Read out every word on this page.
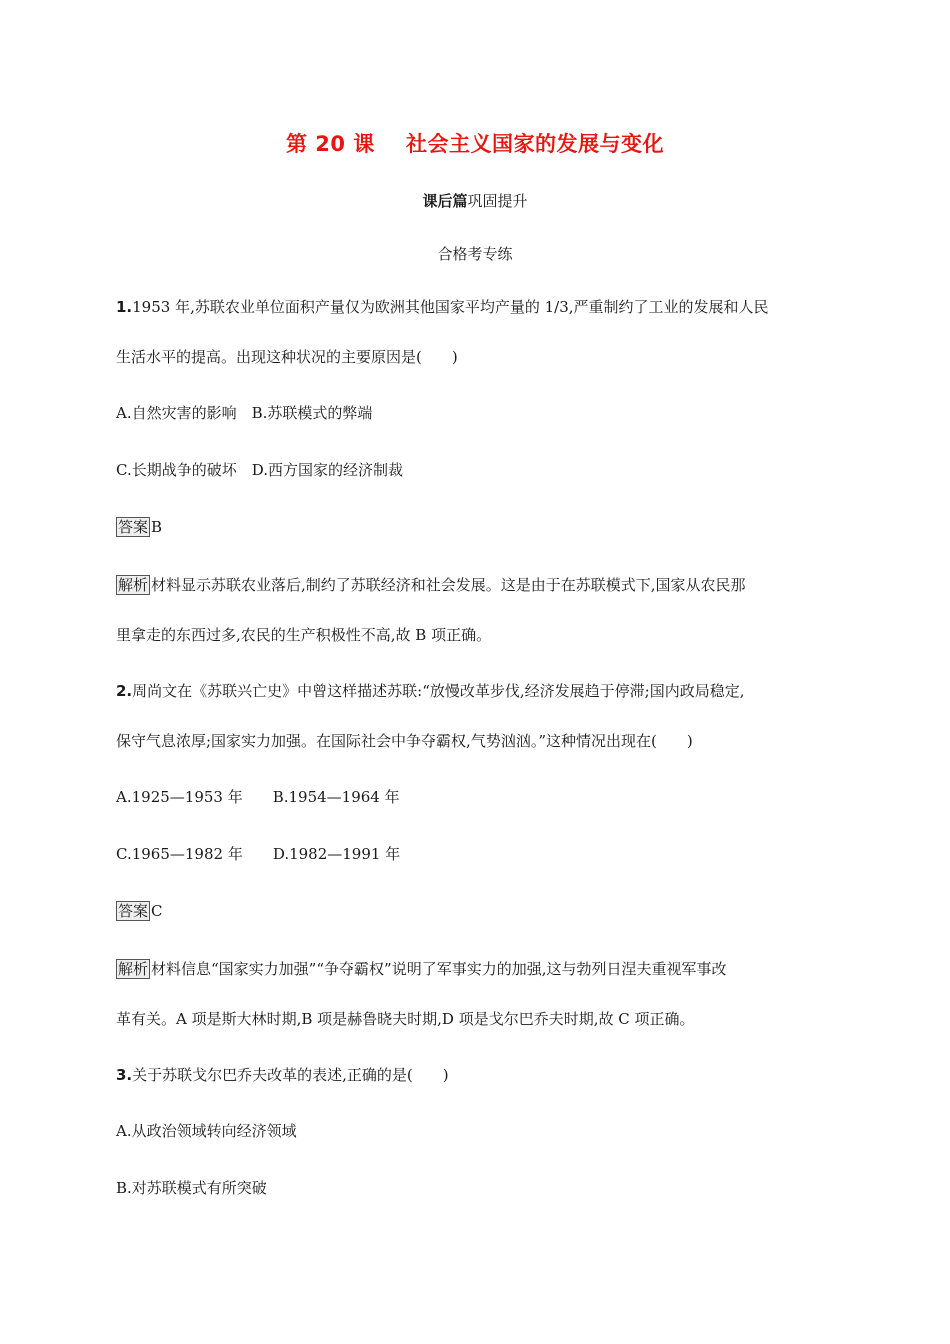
第 20 课    社会主义国家的发展与变化
课后篇巩固提升
合格考专练
1.1953 年,苏联农业单位面积产量仅为欧洲其他国家平均产量的 1/3,严重制约了工业的发展和人民
生活水平的提高。出现这种状况的主要原因是(　　)
A.自然灾害的影响　B.苏联模式的弊端
C.长期战争的破坏　D.西方国家的经济制裁
答案 B
解析 材料显示苏联农业落后,制约了苏联经济和社会发展。这是由于在苏联模式下,国家从农民那
里拿走的东西过多,农民的生产积极性不高,故 B 项正确。
2.周尚文在《苏联兴亡史》中曾这样描述苏联:“放慢改革步伐,经济发展趋于停滞;国内政局稳定,
保守气息浓厚;国家实力加强。在国际社会中争夺霸权,气势汹汹。”这种情况出现在(　　)
A.1925—1953 年　　B.1954—1964 年
C.1965—1982 年　　D.1982—1991 年
答案 C
解析 材料信息“国家实力加强”“争夺霸权”说明了军事实力的加强,这与勃列日涅夫重视军事改
革有关。A 项是斯大林时期,B 项是赫鲁晓夫时期,D 项是戈尔巴乔夫时期,故 C 项正确。
3.关于苏联戈尔巴乔夫改革的表述,正确的是(　　)
A.从政治领域转向经济领域
B.对苏联模式有所突破
